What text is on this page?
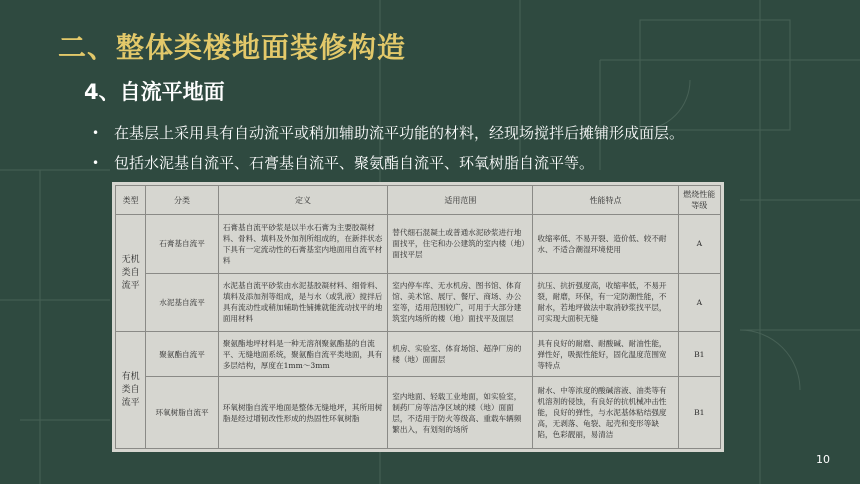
二、整体类楼地面装修构造
4、自流平地面
• 在基层上采用具有自动流平或稍加辅助流平功能的材料，经现场搅拌后摊铺形成面层。
• 包括水泥基自流平、石膏基自流平、聚氨酯自流平、环氧树脂自流平等。
类型	分类	定义	适用范围	性能特点	燃烧性能等级
无机类自流平	石膏基自流平	石膏基自流平砂浆是以半水石膏为主要胶凝材料、骨料、填料及外加剂所组成的，在新拌状态下具有一定流动性的石膏基室内地面用自流平材料	替代细石混凝土或普通水泥砂浆进行地面找平，住宅和办公建筑的室内楼（地）面找平层	收缩率低、不易开裂、造价低、较不耐水、不适合潮湿环境使用	A
	水泥基自流平	水泥基自流平砂浆由水泥基胶凝材料、细骨料、填料及添加剂等组成，是与水（或乳液）搅拌后具有流动性或稍加辅助性铺摊就能流动找平的地面用材料	室内停车库、无水机房、图书馆、体育馆、美术馆、展厅、餐厅、商场、办公室等，适用范围较广，可用于大部分建筑室内场所的楼（地）面找平及面层	抗压、抗折强度高，收缩率低，不易开裂，耐磨，环保，有一定防潮性能，不耐水，若地坪做法中取消砂浆找平层，可实现大面积无缝	A
有机类自流平	聚氨酯自流平	聚氨酯地坪材料是一种无溶剂聚氨酯基的自流平、无缝地面系统，聚氨酯自流平类地面，具有多层结构，厚度在1mm～3mm	机房、实验室、体育场馆、超净厂房的楼（地）面面层	具有良好的耐磨、耐酸碱、耐油性能，弹性好，吸振性能好，固化温度范围宽等特点	B1
	环氧树脂自流平	环氧树脂自流平地面是整体无缝地坪，其所用树脂是经过增韧改性形成的热固性环氧树脂	室内地面、轻载工业地面，如实验室，制药厂房等洁净区域的楼（地）面面层，不适用于防火等级高、重载车辆频繁出入，有划刻的场所	耐水、中等浓度的酸碱溶液、油类等有机溶剂的侵蚀，有良好的抗机械冲击性能，良好的弹性，与水泥基体粘结强度高，无剥落、龟裂、起壳和变形等缺陷，色彩靓丽，易清洁	B1
10
